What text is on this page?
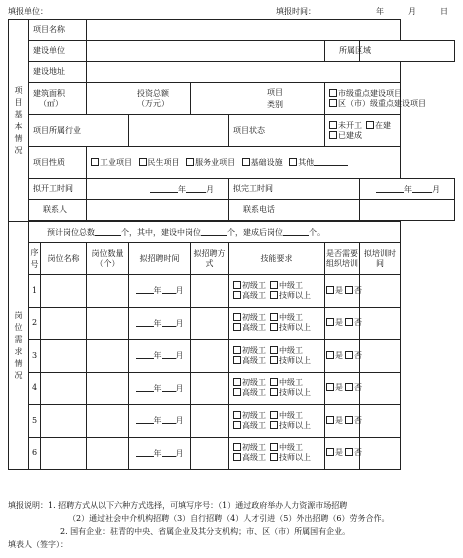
填报单位：	填报时间：	年	月	日
项目基本情况	项目名称							
	建设单位						所属区域	
	建设地址							

	建筑面积
（㎡）		投资总额
（万元）		项目类别		市级重点建设项目
区（市）级重点建设项目	

	项目所属行业					项目状态	未开工 在建
已建成	

	项目性质		工业项目 民生项目 服务业项目 基础设施 其他					
	拟开工时间		年 月			拟完工时间		年 月
	联系人					联系电话		

岗位需求情况	预计岗位总数 个，其中，建设中岗位 个，建成后岗位 个。							
	序号	岗位名称	岗位数量（个）	拟招聘时间	拟招聘方式	技能要求	是否需要组织培训	拟培训时间
	1			年 月		初级工 中级工
高级工 技师以上	是 否	
	2			年 月		初级工 中级工
高级工 技师以上	是 否	
	3			年 月		初级工 中级工
高级工 技师以上	是 否	
	4			年 月		初级工 中级工
高级工 技师以上	是 否	
	5			年 月		初级工 中级工
高级工 技师以上	是 否	
	6			年 月		初级工 中级工
高级工 技师以上	是 否	
填报说明：1. 招聘方式从以下六种方式选择，可填写序号：（1）通过政府举办人力资源市场招聘
（2）通过社会中介机构招聘（3）自行招聘（4）人才引进（5）外出招聘（6）劳务合作。
2. 国有企业：驻青的中央、省属企业及其分支机构；市、区（市）所属国有企业。
填表人（签字）：
